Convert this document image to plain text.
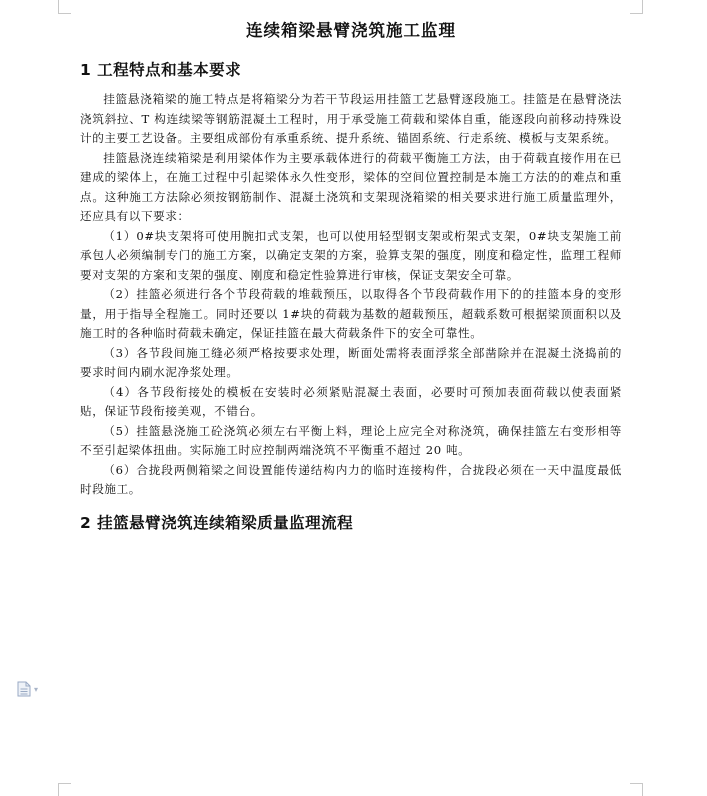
连续箱梁悬臂浇筑施工监理
1 工程特点和基本要求

挂篮悬浇箱梁的施工特点是将箱梁分为若干节段运用挂篮工艺悬臂逐段施工。挂篮是在悬臂浇法浇筑斜拉、T 构连续梁等钢筋混凝土工程时，用于承受施工荷载和梁体自重，能逐段向前移动持殊设计的主要工艺设备。主要组成部份有承重系统、提升系统、锚固系统、行走系统、模板与支架系统。

挂篮悬浇连续箱梁是利用梁体作为主要承载体进行的荷载平衡施工方法，由于荷载直接作用在已建成的梁体上，在施工过程中引起梁体永久性变形，梁体的空间位置控制是本施工方法的的难点和重点。这种施工方法除必须按钢筋制作、混凝土浇筑和支架现浇箱梁的相关要求进行施工质量监理外，还应具有以下要求：

（1）0#块支架将可使用腕扣式支架，也可以使用轻型钢支架或桁架式支架，0#块支架施工前承包人必须编制专门的施工方案，以确定支架的方案，验算支架的强度，刚度和稳定性，监理工程师要对支架的方案和支架的强度、刚度和稳定性验算进行审核，保证支架安全可靠。

（2）挂篮必须进行各个节段荷载的堆载预压，以取得各个节段荷载作用下的的挂篮本身的变形量，用于指导全程施工。同时还要以 1#块的荷载为基数的超载预压，超载系数可根据梁顶面积以及施工时的各种临时荷载未确定，保证挂篮在最大荷载条件下的安全可靠性。

（3）各节段间施工缝必须严格按要求处理，断面处需将表面浮浆全部凿除并在混凝土浇捣前的要求时间内刷水泥净浆处理。

（4）各节段衔接处的模板在安装时必须紧贴混凝土表面，必要时可预加表面荷载以使表面紧贴，保证节段衔接美观，不错台。

（5）挂篮悬浇施工砼浇筑必须左右平衡上料，理论上应完全对称浇筑，确保挂篮左右变形相等不至引起梁体扭曲。实际施工时应控制两端浇筑不平衡重不超过 20 吨。

（6）合拢段两侧箱梁之间设置能传递结构内力的临时连接构件，合拢段必须在一天中温度最低时段施工。

2 挂篮悬臂浇筑连续箱梁质量监理流程
▾
